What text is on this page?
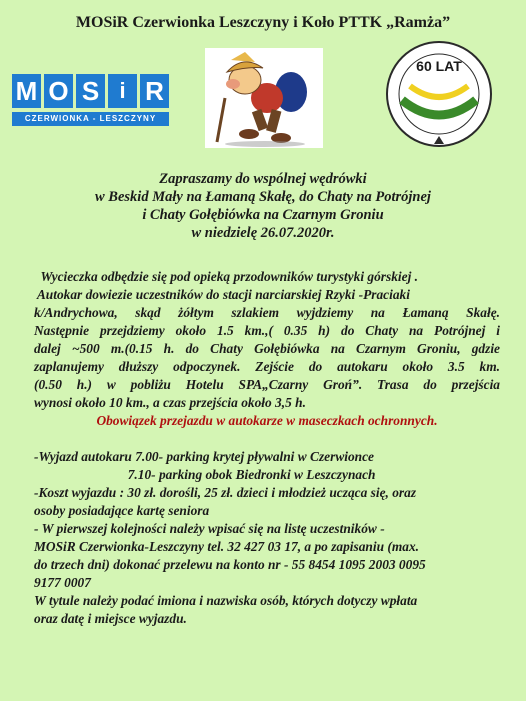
MOSiR Czerwionka Leszczyny i Koło PTTK „Ramża”
M O S i R
CZERWIONKA - LESZCZYNY
60 LAT
Zapraszamy do wspólnej wędrówki
w Beskid Mały na Łamaną Skałę, do Chaty na Potrójnej
i Chaty Gołębiówka na Czarnym Groniu
w niedzielę 26.07.2020r.
Wycieczka odbędzie się pod opieką przodowników turystyki górskiej .
Autokar dowiezie uczestników do stacji narciarskiej Rzyki -Praciaki
k/Andrychowa, skąd żółtym szlakiem wyjdziemy na Łamaną Skałę.
Następnie przejdziemy około 1.5 km.,( 0.35 h) do Chaty na Potrójnej i
dalej ~500 m.(0.15 h. do Chaty Gołębiówka na Czarnym Groniu, gdzie
zaplanujemy dłuższy odpoczynek. Zejście do autokaru około 3.5 km.
(0.50 h.) w pobliżu Hotelu SPA„Czarny Groń”. Trasa do przejścia
wynosi około 10 km., a czas przejścia około 3,5 h.
Obowiązek przejazdu w autokarze w maseczkach ochronnych.
-Wyjazd autokaru 7.00- parking krytej pływalni w Czerwionce
7.10- parking obok Biedronki w Leszczynach
-Koszt wyjazdu : 30 zł. dorośli, 25 zł. dzieci i młodzież ucząca się, oraz
osoby posiadające kartę seniora
- W pierwszej kolejności należy wpisać się na listę uczestników -
MOSiR Czerwionka-Leszczyny tel. 32 427 03 17, a po zapisaniu (max.
do trzech dni) dokonać przelewu na konto nr - 55 8454 1095 2003 0095
9177 0007
W tytule należy podać imiona i nazwiska osób, których dotyczy wpłata
oraz datę i miejsce wyjazdu.
